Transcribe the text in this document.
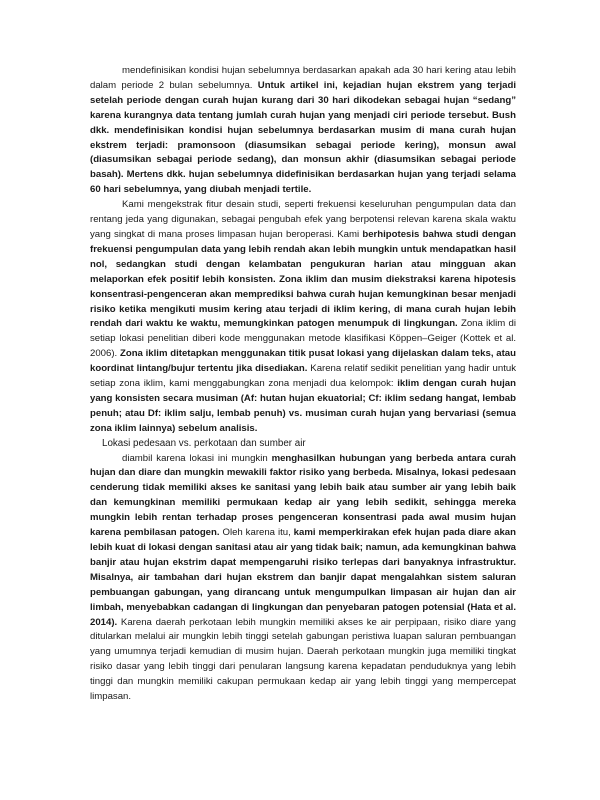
mendefinisikan kondisi hujan sebelumnya berdasarkan apakah ada 30 hari kering atau lebih dalam periode 2 bulan sebelumnya. Untuk artikel ini, kejadian hujan ekstrem yang terjadi setelah periode dengan curah hujan kurang dari 30 hari dikodekan sebagai hujan “sedang” karena kurangnya data tentang jumlah curah hujan yang menjadi ciri periode tersebut. Bush dkk. mendefinisikan kondisi hujan sebelumnya berdasarkan musim di mana curah hujan ekstrem terjadi: pramonsoon (diasumsikan sebagai periode kering), monsun awal (diasumsikan sebagai periode sedang), dan monsun akhir (diasumsikan sebagai periode basah). Mertens dkk. hujan sebelumnya didefinisikan berdasarkan hujan yang terjadi selama 60 hari sebelumnya, yang diubah menjadi tertile.

Kami mengekstrak fitur desain studi, seperti frekuensi keseluruhan pengumpulan data dan rentang jeda yang digunakan, sebagai pengubah efek yang berpotensi relevan karena skala waktu yang singkat di mana proses limpasan hujan beroperasi. Kami berhipotesis bahwa studi dengan frekuensi pengumpulan data yang lebih rendah akan lebih mungkin untuk mendapatkan hasil nol, sedangkan studi dengan kelambatan pengukuran harian atau mingguan akan melaporkan efek positif lebih konsisten. Zona iklim dan musim diekstraksi karena hipotesis konsentrasi-pengenceran akan memprediksi bahwa curah hujan kemungkinan besar menjadi risiko ketika mengikuti musim kering atau terjadi di iklim kering, di mana curah hujan lebih rendah dari waktu ke waktu, memungkinkan patogen menumpuk di lingkungan. Zona iklim di setiap lokasi penelitian diberi kode menggunakan metode klasifikasi Köppen–Geiger (Kottek et al. 2006). Zona iklim ditetapkan menggunakan titik pusat lokasi yang dijelaskan dalam teks, atau koordinat lintang/bujur tertentu jika disediakan. Karena relatif sedikit penelitian yang hadir untuk setiap zona iklim, kami menggabungkan zona menjadi dua kelompok: iklim dengan curah hujan yang konsisten secara musiman (Af: hutan hujan ekuatorial; Cf: iklim sedang hangat, lembab penuh; atau Df: iklim salju, lembab penuh) vs. musiman curah hujan yang bervariasi (semua zona iklim lainnya) sebelum analisis.

Lokasi pedesaan vs. perkotaan dan sumber air

diambil karena lokasi ini mungkin menghasilkan hubungan yang berbeda antara curah hujan dan diare dan mungkin mewakili faktor risiko yang berbeda. Misalnya, lokasi pedesaan cenderung tidak memiliki akses ke sanitasi yang lebih baik atau sumber air yang lebih baik dan kemungkinan memiliki permukaan kedap air yang lebih sedikit, sehingga mereka mungkin lebih rentan terhadap proses pengenceran konsentrasi pada awal musim hujan karena pembilasan patogen. Oleh karena itu, kami memperkirakan efek hujan pada diare akan lebih kuat di lokasi dengan sanitasi atau air yang tidak baik; namun, ada kemungkinan bahwa banjir atau hujan ekstrim dapat mempengaruhi risiko terlepas dari banyaknya infrastruktur. Misalnya, air tambahan dari hujan ekstrem dan banjir dapat mengalahkan sistem saluran pembuangan gabungan, yang dirancang untuk mengumpulkan limpasan air hujan dan air limbah, menyebabkan cadangan di lingkungan dan penyebaran patogen potensial (Hata et al. 2014). Karena daerah perkotaan lebih mungkin memiliki akses ke air perpipaan, risiko diare yang ditularkan melalui air mungkin lebih tinggi setelah gabungan peristiwa luapan saluran pembuangan yang umumnya terjadi kemudian di musim hujan. Daerah perkotaan mungkin juga memiliki tingkat risiko dasar yang lebih tinggi dari penularan langsung karena kepadatan penduduknya yang lebih tinggi dan mungkin memiliki cakupan permukaan kedap air yang lebih tinggi yang mempercepat limpasan.
